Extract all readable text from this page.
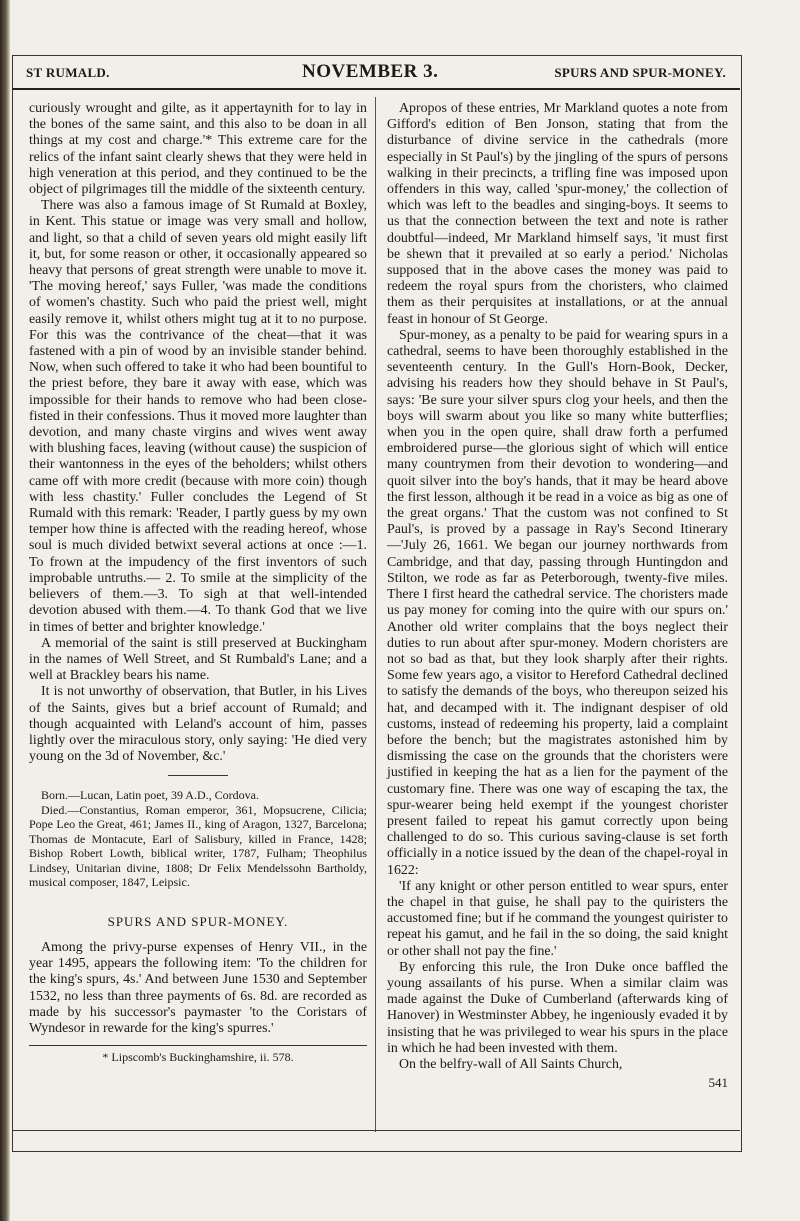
ST RUMALD.	NOVEMBER 3.	SPURS AND SPUR-MONEY.

curiously wrought and gilte, as it appertaynith for to lay in the bones of the same saint, and this also to be doan in all things at my cost and charge.'* This extreme care for the relics of the infant saint clearly shews that they were held in high veneration at this period, and they continued to be the object of pilgrimages till the middle of the sixteenth century.

There was also a famous image of St Rumald at Boxley, in Kent. This statue or image was very small and hollow, and light, so that a child of seven years old might easily lift it, but, for some reason or other, it occasionally appeared so heavy that persons of great strength were unable to move it. 'The moving hereof,' says Fuller, 'was made the conditions of women's chastity. Such who paid the priest well, might easily remove it, whilst others might tug at it to no purpose. For this was the contrivance of the cheat—that it was fastened with a pin of wood by an invisible stander behind. Now, when such offered to take it who had been bountiful to the priest before, they bare it away with ease, which was impossible for their hands to remove who had been close-fisted in their confessions. Thus it moved more laughter than devotion, and many chaste virgins and wives went away with blushing faces, leaving (without cause) the suspicion of their wantonness in the eyes of the beholders; whilst others came off with more credit (because with more coin) though with less chastity.' Fuller concludes the Legend of St Rumald with this remark: 'Reader, I partly guess by my own temper how thine is affected with the reading hereof, whose soul is much divided betwixt several actions at once :—1. To frown at the impudency of the first inventors of such improbable untruths.— 2. To smile at the simplicity of the believers of them.—3. To sigh at that well-intended devotion abused with them.—4. To thank God that we live in times of better and brighter knowledge.'

A memorial of the saint is still preserved at Buckingham in the names of Well Street, and St Rumbald's Lane; and a well at Brackley bears his name.

It is not unworthy of observation, that Butler, in his Lives of the Saints, gives but a brief account of Rumald; and though acquainted with Leland's account of him, passes lightly over the miraculous story, only saying: 'He died very young on the 3d of November, &c.'

Born.—Lucan, Latin poet, 39 A.D., Cordova.

Died.—Constantius, Roman emperor, 361, Mopsucrene, Cilicia; Pope Leo the Great, 461; James II., king of Aragon, 1327, Barcelona; Thomas de Montacute, Earl of Salisbury, killed in France, 1428; Bishop Robert Lowth, biblical writer, 1787, Fulham; Theophilus Lindsey, Unitarian divine, 1808; Dr Felix Mendelssohn Bartholdy, musical composer, 1847, Leipsic.

SPURS AND SPUR-MONEY.

Among the privy-purse expenses of Henry VII., in the year 1495, appears the following item: 'To the children for the king's spurs, 4s.' And between June 1530 and September 1532, no less than three payments of 6s. 8d. are recorded as made by his successor's paymaster 'to the Coristars of Wyndesor in rewarde for the king's spurres.'

* Lipscomb's Buckinghamshire, ii. 578.

Apropos of these entries, Mr Markland quotes a note from Gifford's edition of Ben Jonson, stating that from the disturbance of divine service in the cathedrals (more especially in St Paul's) by the jingling of the spurs of persons walking in their precincts, a trifling fine was imposed upon offenders in this way, called 'spur-money,' the collection of which was left to the beadles and singing-boys. It seems to us that the connection between the text and note is rather doubtful—indeed, Mr Markland himself says, 'it must first be shewn that it prevailed at so early a period.' Nicholas supposed that in the above cases the money was paid to redeem the royal spurs from the choristers, who claimed them as their perquisites at installations, or at the annual feast in honour of St George.

Spur-money, as a penalty to be paid for wearing spurs in a cathedral, seems to have been thoroughly established in the seventeenth century. In the Gull's Horn-Book, Decker, advising his readers how they should behave in St Paul's, says: 'Be sure your silver spurs clog your heels, and then the boys will swarm about you like so many white butterflies; when you in the open quire, shall draw forth a perfumed embroidered purse—the glorious sight of which will entice many countrymen from their devotion to wondering—and quoit silver into the boy's hands, that it may be heard above the first lesson, although it be read in a voice as big as one of the great organs.' That the custom was not confined to St Paul's, is proved by a passage in Ray's Second Itinerary—'July 26, 1661. We began our journey northwards from Cambridge, and that day, passing through Huntingdon and Stilton, we rode as far as Peterborough, twenty-five miles. There I first heard the cathedral service. The choristers made us pay money for coming into the quire with our spurs on.' Another old writer complains that the boys neglect their duties to run about after spur-money. Modern choristers are not so bad as that, but they look sharply after their rights. Some few years ago, a visitor to Hereford Cathedral declined to satisfy the demands of the boys, who thereupon seized his hat, and decamped with it. The indignant despiser of old customs, instead of redeeming his property, laid a complaint before the bench; but the magistrates astonished him by dismissing the case on the grounds that the choristers were justified in keeping the hat as a lien for the payment of the customary fine. There was one way of escaping the tax, the spur-wearer being held exempt if the youngest chorister present failed to repeat his gamut correctly upon being challenged to do so. This curious saving-clause is set forth officially in a notice issued by the dean of the chapel-royal in 1622:

'If any knight or other person entitled to wear spurs, enter the chapel in that guise, he shall pay to the quiristers the accustomed fine; but if he command the youngest quirister to repeat his gamut, and he fail in the so doing, the said knight or other shall not pay the fine.'

By enforcing this rule, the Iron Duke once baffled the young assailants of his purse. When a similar claim was made against the Duke of Cumberland (afterwards king of Hanover) in Westminster Abbey, he ingeniously evaded it by insisting that he was privileged to wear his spurs in the place in which he had been invested with them.

On the belfry-wall of All Saints Church,

541
